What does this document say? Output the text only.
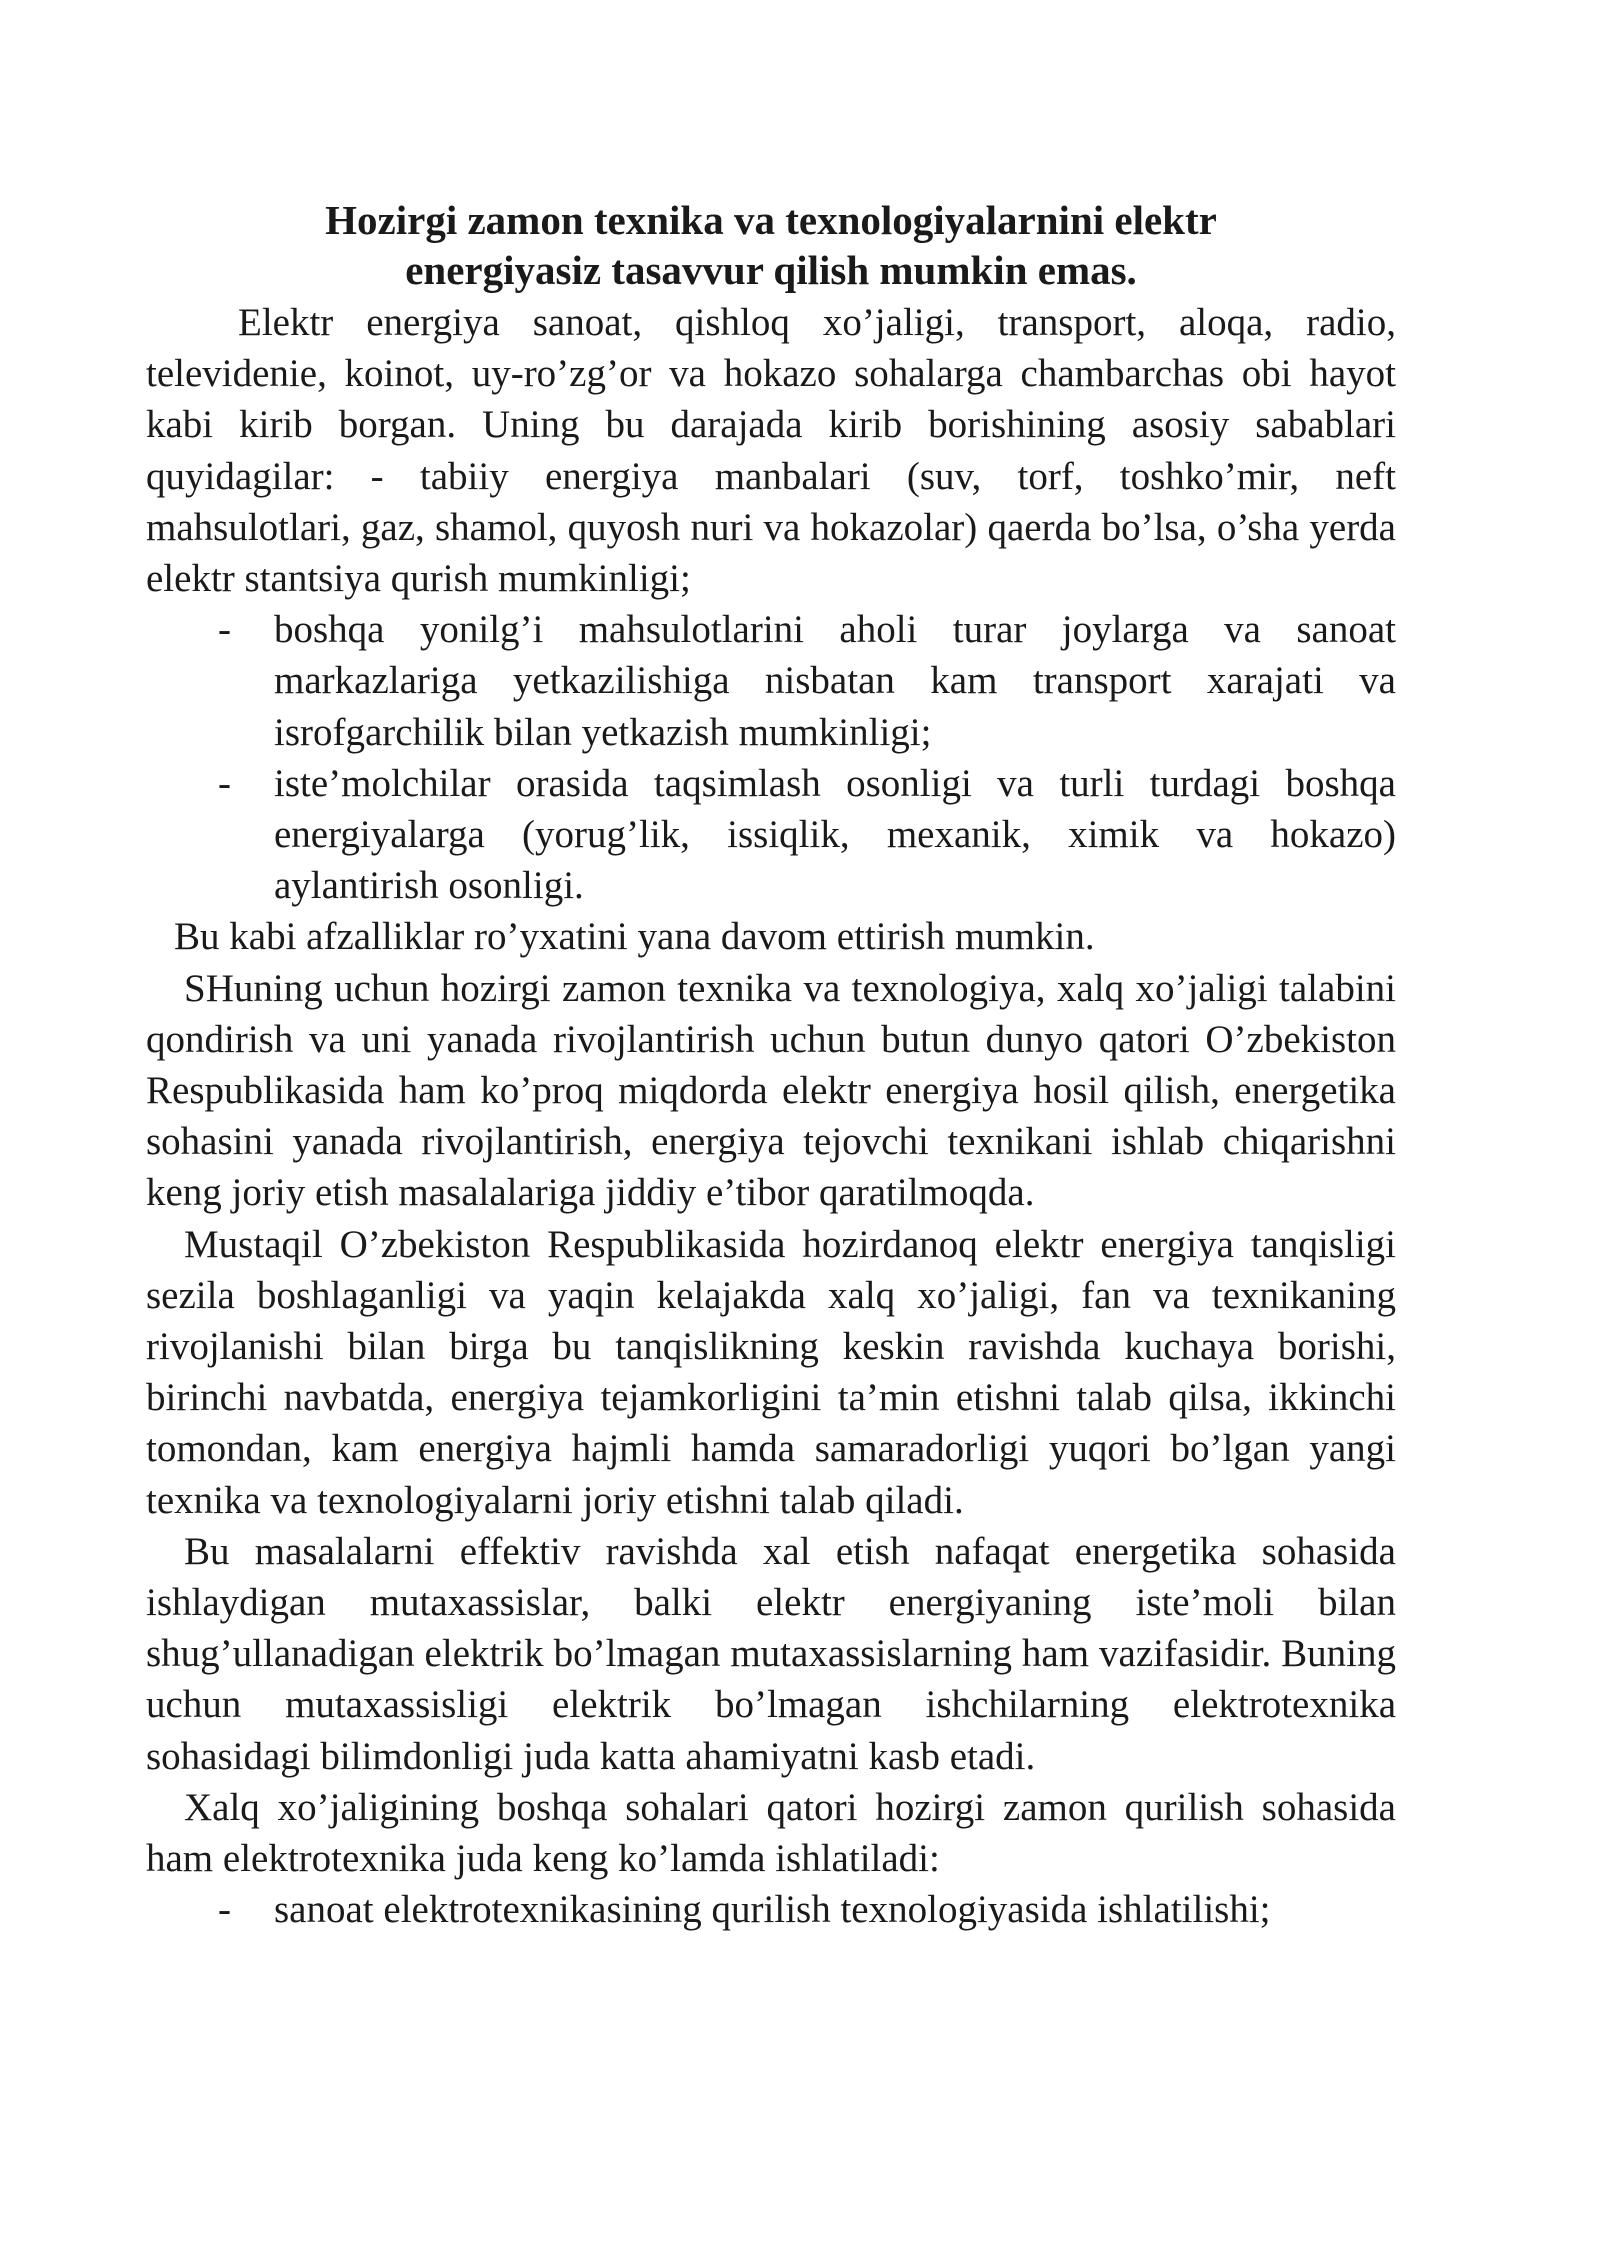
Hozirgi zamon texnika va texnologiyalarnini elektr
energiyasiz tasavvur qilish mumkin emas.

Elektr energiya sanoat, qishloq xo’jaligi, transport, aloqa, radio, televidenie, koinot, uy-ro’zg’or va hokazo sohalarga chambarchas obi hayot kabi kirib borgan. Uning bu darajada kirib borishining asosiy sabablari quyidagilar: - tabiiy energiya manbalari (suv, torf, toshko’mir, neft mahsulotlari, gaz, shamol, quyosh nuri va hokazolar) qaerda bo’lsa, o’sha yerda elektr stantsiya qurish mumkinligi;

- boshqa yonilg’i mahsulotlarini aholi turar joylarga va sanoat markazlariga yetkazilishiga nisbatan kam transport xarajati va isrofgarchilik bilan yetkazish mumkinligi;
- iste’molchilar orasida taqsimlash osonligi va turli turdagi boshqa energiyalarga (yorug’lik, issiqlik, mexanik, ximik va hokazo) aylantirish osonligi.

Bu kabi afzalliklar ro’yxatini yana davom ettirish mumkin.

SHuning uchun hozirgi zamon texnika va texnologiya, xalq xo’jaligi talabini qondirish va uni yanada rivojlantirish uchun butun dunyo qatori O’zbekiston Respublikasida ham ko’proq miqdorda elektr energiya hosil qilish, energetika sohasini yanada rivojlantirish, energiya tejovchi texnikani ishlab chiqarishni keng joriy etish masalalariga jiddiy e’tibor qaratilmoqda.

Mustaqil O’zbekiston Respublikasida hozirdanoq elektr energiya tanqisligi sezila boshlaganligi va yaqin kelajakda xalq xo’jaligi, fan va texnikaning rivojlanishi bilan birga bu tanqislikning keskin ravishda kuchaya borishi, birinchi navbatda, energiya tejamkorligini ta’min etishni talab qilsa, ikkinchi tomondan, kam energiya hajmli hamda samaradorligi yuqori bo’lgan yangi texnika va texnologiyalarni joriy etishni talab qiladi.

Bu masalalarni effektiv ravishda xal etish nafaqat energetika sohasida ishlaydigan mutaxassislar, balki elektr energiyaning iste’moli bilan shug’ullanadigan elektrik bo’lmagan mutaxassislarning ham vazifasidir. Buning uchun mutaxassisligi elektrik bo’lmagan ishchilarning elektrotexnika sohasidagi bilimdonligi juda katta ahamiyatni kasb etadi.

Xalq xo’jaligining boshqa sohalari qatori hozirgi zamon qurilish sohasida ham elektrotexnika juda keng ko’lamda ishlatiladi:

- sanoat elektrotexnikasining qurilish texnologiyasida ishlatilishi;
